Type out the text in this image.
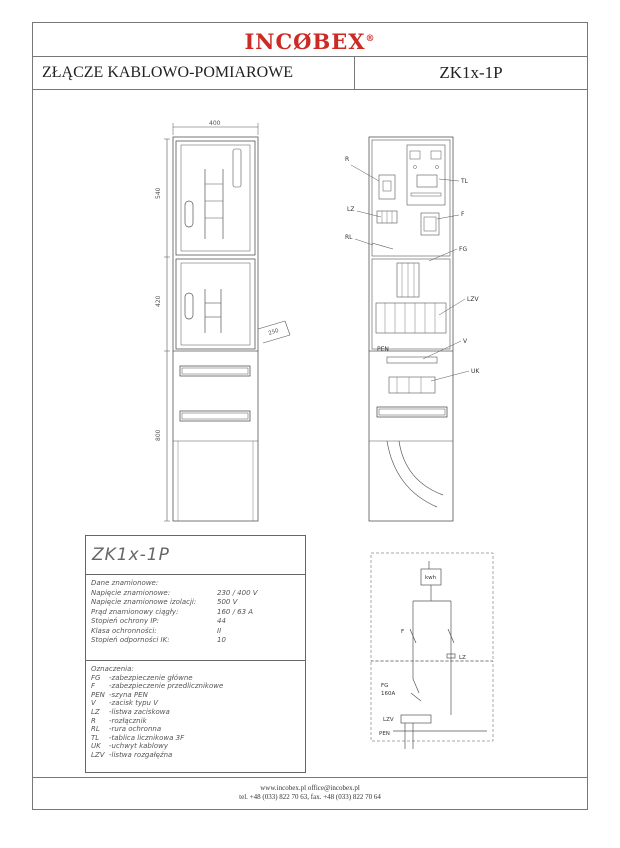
INCØBEX®
ZŁĄCZE KABLOWO-POMIAROWE	ZK1x-1P
400
540
420
800
250
R
TL
LZ
F
RL
FG
LZV
V
PEN
UK
kwh
F
LZ
FG
160A
LZV
PEN
ZK1x-1P
Dane znamionowe:
Napięcie znamionowe:	230 / 400 V
Napięcie znamionowe izolacji:	500 V
Prąd znamionowy ciągły:	160 / 63 A
Stopień ochrony IP:	44
Klasa ochronności:	II
Stopień odporności IK:	10
Oznaczenia:
FG	-zabezpieczenie główne
F	-zabezpieczenie przedlicznikowe
PEN -szyna PEN
V	-zacisk typu V
LZ	-listwa zaciskowa
R	-rozłącznik
RL	-rura ochronna
TL	-tablica licznikowa 3F
UK	-uchwyt kablowy
LZV -listwa rozgałęźna
www.incobex.pl office@incobex.pl
tel. +48 (033) 822 70 63, fax. +48 (033) 822 70 64
